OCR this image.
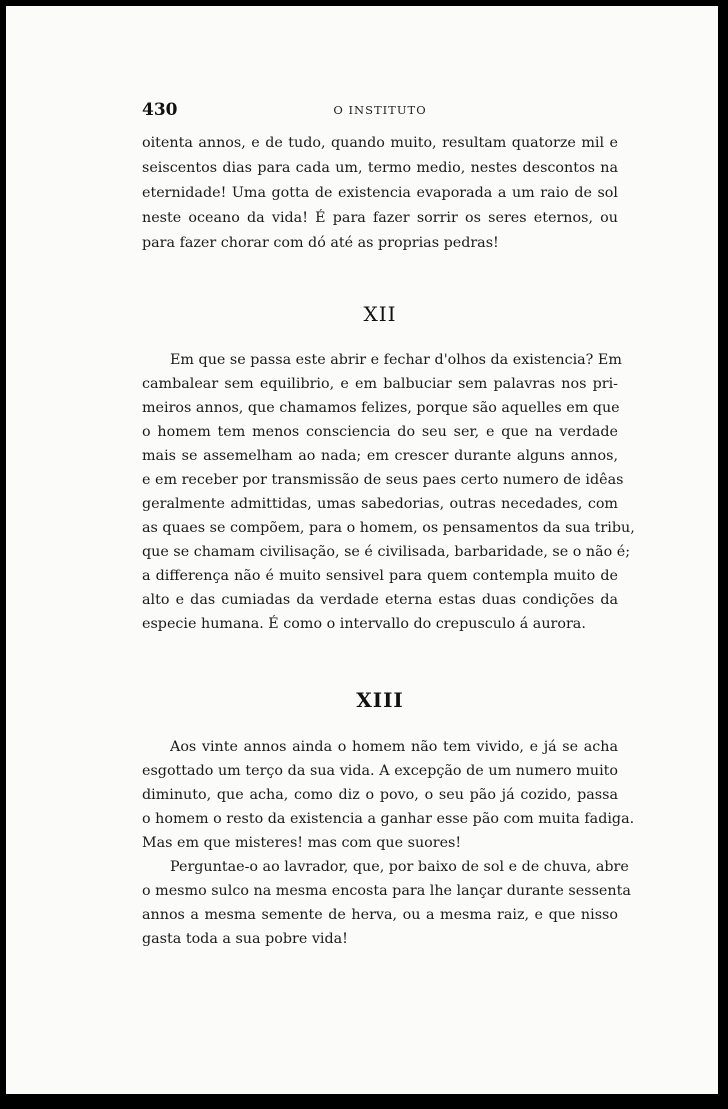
430	O INSTITUTO
oitenta annos, e de tudo, quando muito, resultam quatorze mil e
seiscentos dias para cada um, termo medio, nestes descontos na
eternidade! Uma gotta de existencia evaporada a um raio de sol
neste oceano da vida! É para fazer sorrir os seres eternos, ou
para fazer chorar com dó até as proprias pedras!
XII
Em que se passa este abrir e fechar d'olhos da existencia? Em
cambalear sem equilibrio, e em balbuciar sem palavras nos pri-
meiros annos, que chamamos felizes, porque são aquelles em que
o homem tem menos consciencia do seu ser, e que na verdade
mais se assemelham ao nada; em crescer durante alguns annos,
e em receber por transmissão de seus paes certo numero de idêas
geralmente admittidas, umas sabedorias, outras necedades, com
as quaes se compõem, para o homem, os pensamentos da sua tribu,
que se chamam civilisação, se é civilisada, barbaridade, se o não é;
a differença não é muito sensivel para quem contempla muito de
alto e das cumiadas da verdade eterna estas duas condições da
especie humana. É como o intervallo do crepusculo á aurora.
XIII
Aos vinte annos ainda o homem não tem vivido, e já se acha
esgottado um terço da sua vida. A excepção de um numero muito
diminuto, que acha, como diz o povo, o seu pão já cozido, passa
o homem o resto da existencia a ganhar esse pão com muita fadiga.
Mas em que misteres! mas com que suores!
Perguntae-o ao lavrador, que, por baixo de sol e de chuva, abre
o mesmo sulco na mesma encosta para lhe lançar durante sessenta
annos a mesma semente de herva, ou a mesma raiz, e que nisso
gasta toda a sua pobre vida!
